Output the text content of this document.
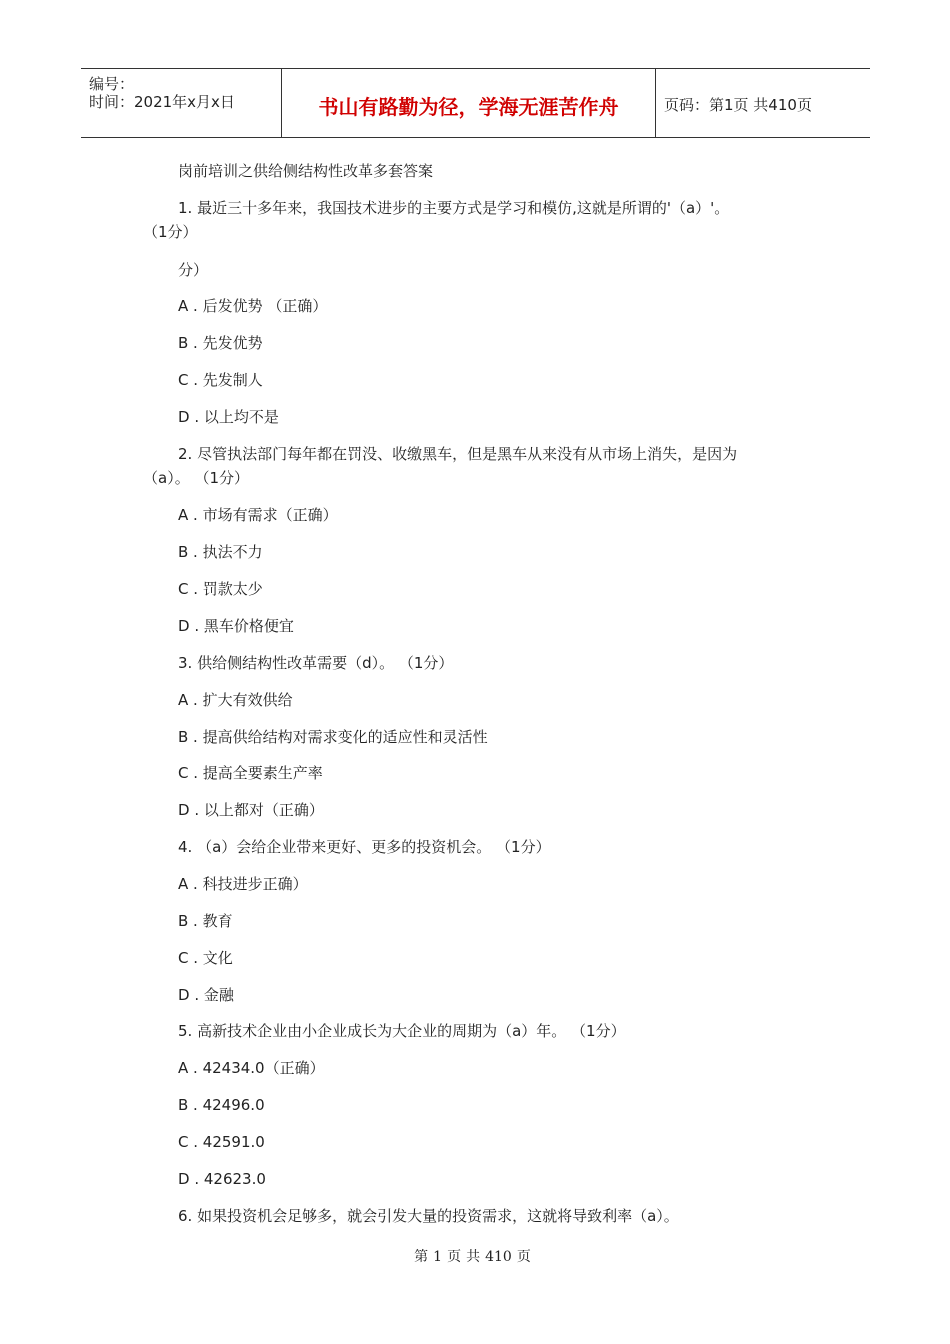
编号：
时间：2021年x月x日	书山有路勤为径，学海无涯苦作舟	页码：第1页 共410页
岗前培训之供给侧结构性改革多套答案
1. 最近三十多年来，我国技术进步的主要方式是学习和模仿,这就是所谓的'（a）'。
（1分）
分）
A . 后发优势 （正确）
B . 先发优势
C . 先发制人
D . 以上均不是
2. 尽管执法部门每年都在罚没、收缴黑车，但是黑车从来没有从市场上消失，是因为
（a）。 （1分）
A . 市场有需求（正确）
B . 执法不力
C . 罚款太少
D . 黑车价格便宜
3. 供给侧结构性改革需要（d）。 （1分）
A . 扩大有效供给
B . 提高供给结构对需求变化的适应性和灵活性
C . 提高全要素生产率
D . 以上都对（正确）
4. （a）会给企业带来更好、更多的投资机会。 （1分）
A . 科技进步正确）
B . 教育
C . 文化
D . 金融
5. 高新技术企业由小企业成长为大企业的周期为（a）年。 （1分）
A . 42434.0（正确）
B . 42496.0
C . 42591.0
D . 42623.0
6. 如果投资机会足够多，就会引发大量的投资需求，这就将导致利率（a）。
第 1 页 共 410 页
